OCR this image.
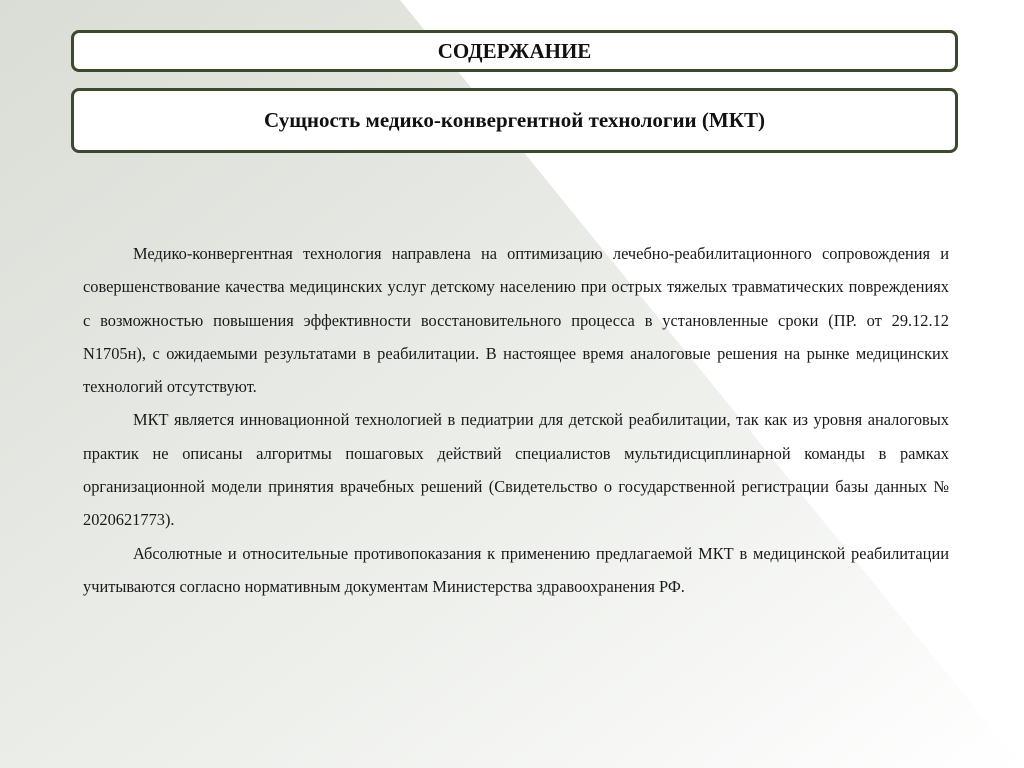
СОДЕРЖАНИЕ
Сущность медико-конвергентной технологии (МКТ)

Медико-конвергентная технология направлена на оптимизацию лечебно-реабилитационного сопровождения и совершенствование качества медицинских услуг детскому населению при острых тяжелых травматических повреждениях с возможностью повышения эффективности восстановительного процесса в установленные сроки (ПР. от 29.12.12 N1705н), с ожидаемыми результатами в реабилитации. В настоящее время аналоговые решения на рынке медицинских технологий отсутствуют.

МКТ является инновационной технологией в педиатрии для детской реабилитации, так как из уровня аналоговых практик не описаны алгоритмы пошаговых действий специалистов мультидисциплинарной команды в рамках организационной модели принятия врачебных решений (Свидетельство о государственной регистрации базы данных № 2020621773).

Абсолютные и относительные противопоказания к применению предлагаемой МКТ в медицинской реабилитации учитываются согласно нормативным документам Министерства здравоохранения РФ.
